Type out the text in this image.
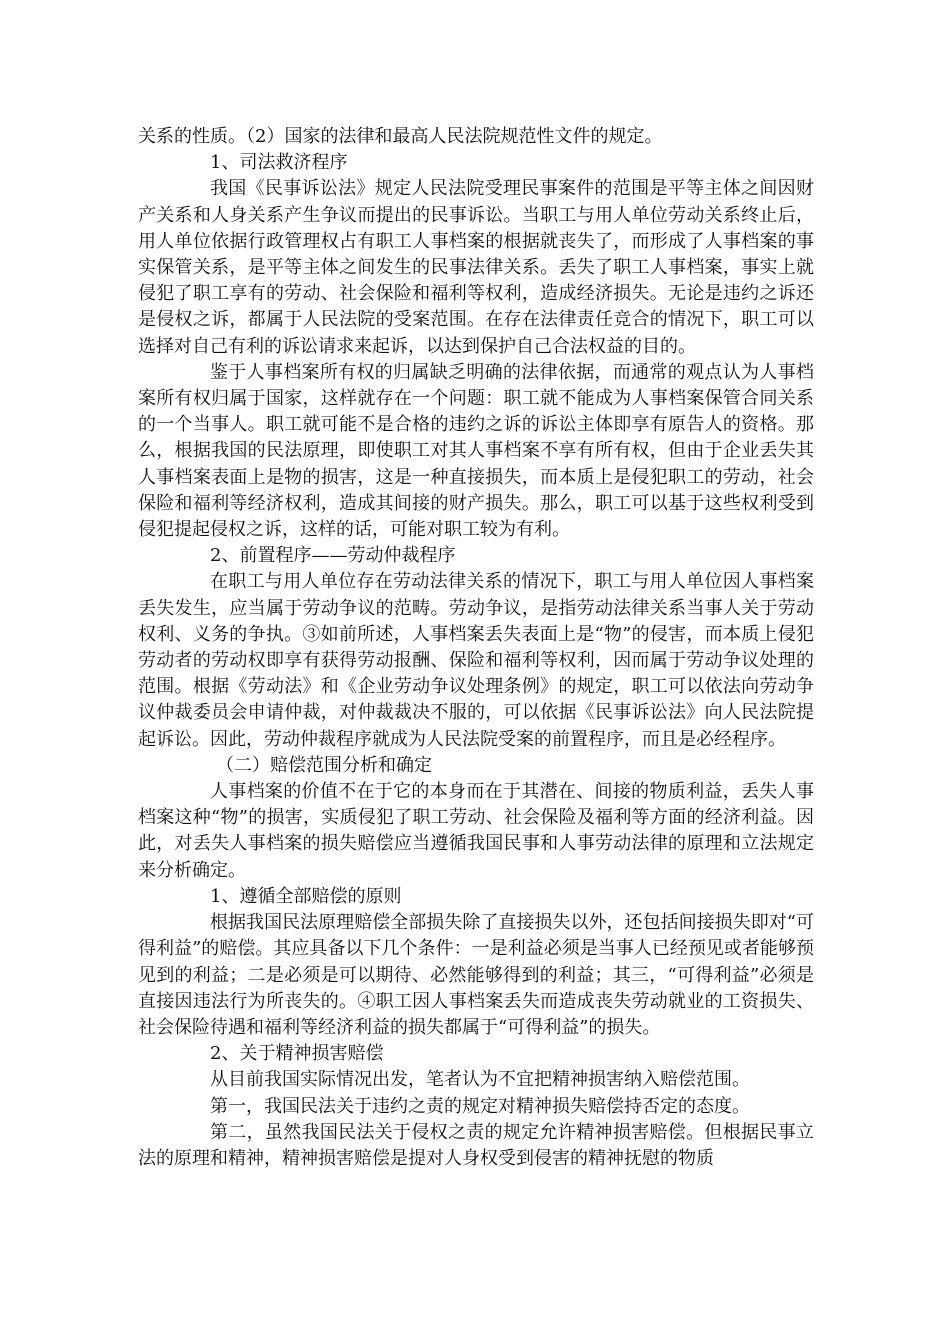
关系的性质。（2）国家的法律和最高人民法院规范性文件的规定。

1、司法救济程序

我国《民事诉讼法》规定人民法院受理民事案件的范围是平等主体之间因财产关系和人身关系产生争议而提出的民事诉讼。当职工与用人单位劳动关系终止后，用人单位依据行政管理权占有职工人事档案的根据就丧失了，而形成了人事档案的事实保管关系，是平等主体之间发生的民事法律关系。丢失了职工人事档案，事实上就侵犯了职工享有的劳动、社会保险和福利等权利，造成经济损失。无论是违约之诉还是侵权之诉，都属于人民法院的受案范围。在存在法律责任竞合的情况下，职工可以选择对自己有利的诉讼请求来起诉，以达到保护自己合法权益的目的。

鉴于人事档案所有权的归属缺乏明确的法律依据，而通常的观点认为人事档案所有权归属于国家，这样就存在一个问题：职工就不能成为人事档案保管合同关系的一个当事人。职工就可能不是合格的违约之诉的诉讼主体即享有原告人的资格。那么，根据我国的民法原理，即使职工对其人事档案不享有所有权，但由于企业丢失其人事档案表面上是物的损害，这是一种直接损失，而本质上是侵犯职工的劳动，社会保险和福利等经济权利，造成其间接的财产损失。那么，职工可以基于这些权利受到侵犯提起侵权之诉，这样的话，可能对职工较为有利。

2、前置程序——劳动仲裁程序

在职工与用人单位存在劳动法律关系的情况下，职工与用人单位因人事档案丢失发生，应当属于劳动争议的范畴。劳动争议，是指劳动法律关系当事人关于劳动权利、义务的争执。③如前所述，人事档案丢失表面上是“物”的侵害，而本质上侵犯劳动者的劳动权即享有获得劳动报酬、保险和福利等权利，因而属于劳动争议处理的范围。根据《劳动法》和《企业劳动争议处理条例》的规定，职工可以依法向劳动争议仲裁委员会申请仲裁，对仲裁裁决不服的，可以依据《民事诉讼法》向人民法院提起诉讼。因此，劳动仲裁程序就成为人民法院受案的前置程序，而且是必经程序。

（二）赔偿范围分析和确定

人事档案的价值不在于它的本身而在于其潜在、间接的物质利益，丢失人事档案这种“物”的损害，实质侵犯了职工劳动、社会保险及福利等方面的经济利益。因此，对丢失人事档案的损失赔偿应当遵循我国民事和人事劳动法律的原理和立法规定来分析确定。

1、遵循全部赔偿的原则

根据我国民法原理赔偿全部损失除了直接损失以外，还包括间接损失即对“可得利益”的赔偿。其应具备以下几个条件：一是利益必须是当事人已经预见或者能够预见到的利益；二是必须是可以期待、必然能够得到的利益；其三，“可得利益”必须是直接因违法行为所丧失的。④职工因人事档案丢失而造成丧失劳动就业的工资损失、社会保险待遇和福利等经济利益的损失都属于“可得利益”的损失。

2、关于精神损害赔偿

从目前我国实际情况出发，笔者认为不宜把精神损害纳入赔偿范围。

第一，我国民法关于违约之责的规定对精神损失赔偿持否定的态度。

第二，虽然我国民法关于侵权之责的规定允许精神损害赔偿。但根据民事立法的原理和精神，精神损害赔偿是提对人身权受到侵害的精神抚慰的物质
